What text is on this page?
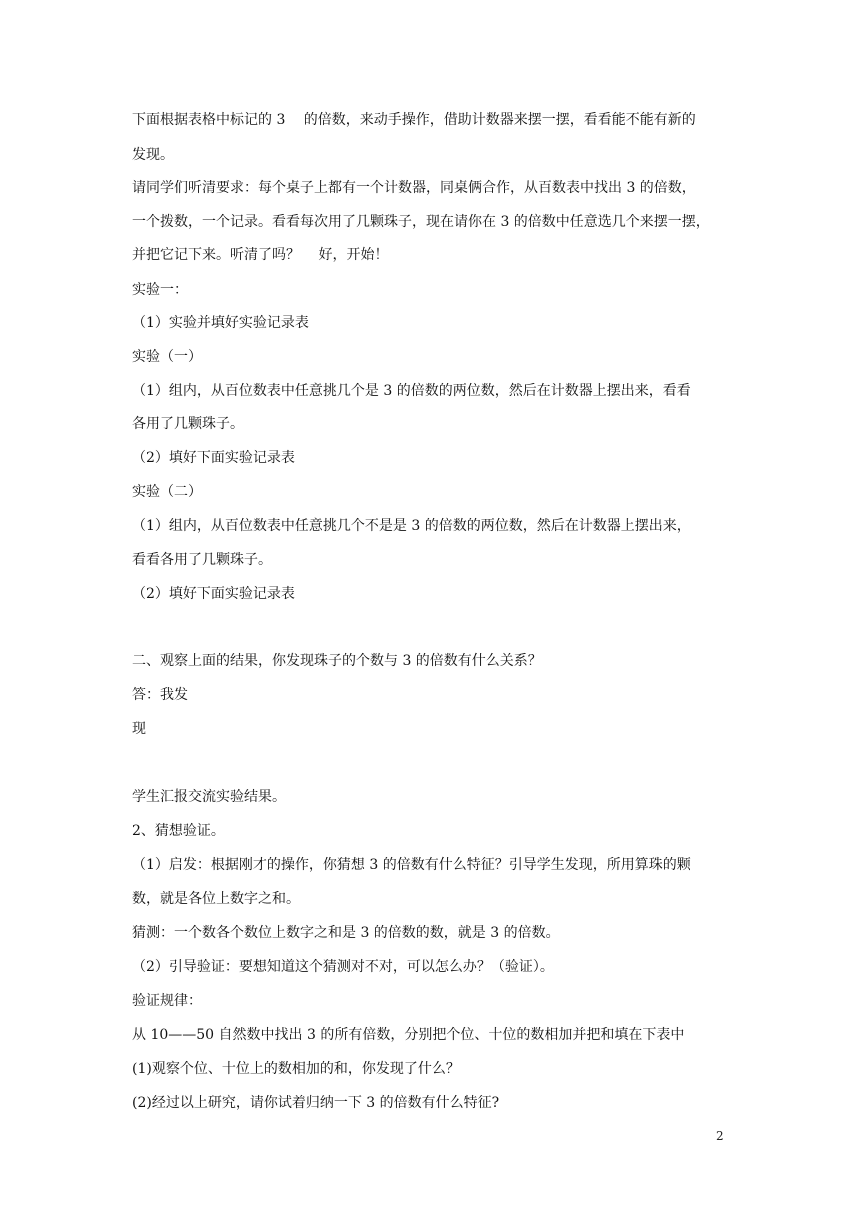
下面根据表格中标记的 3　 的倍数，来动手操作，借助计数器来摆一摆，看看能不能有新的
发现。
请同学们听清要求：每个桌子上都有一个计数器，同桌俩合作，从百数表中找出 3 的倍数，
一个拨数，一个记录。看看每次用了几颗珠子，现在请你在 3 的倍数中任意选几个来摆一摆，
并把它记下来。听清了吗？　 好，开始！
实验一：
（1）实验并填好实验记录表
实验（一）
（1）组内，从百位数表中任意挑几个是 3 的倍数的两位数，然后在计数器上摆出来，看看
各用了几颗珠子。
（2）填好下面实验记录表
实验（二）
（1）组内，从百位数表中任意挑几个不是是 3 的倍数的两位数，然后在计数器上摆出来，
看看各用了几颗珠子。
（2）填好下面实验记录表
二、观察上面的结果，你发现珠子的个数与 3 的倍数有什么关系？
答：我发
现
学生汇报交流实验结果。
2、猜想验证。
（1）启发：根据刚才的操作，你猜想 3 的倍数有什么特征？引导学生发现，所用算珠的颗
数，就是各位上数字之和。
猜测：一个数各个数位上数字之和是 3 的倍数的数，就是 3 的倍数。
（2）引导验证：要想知道这个猜测对不对，可以怎么办？（验证）。
验证规律：
从 10——50 自然数中找出 3 的所有倍数，分别把个位、十位的数相加并把和填在下表中
(1)观察个位、十位上的数相加的和，你发现了什么？
(2)经过以上研究，请你试着归纳一下 3 的倍数有什么特征?
2
